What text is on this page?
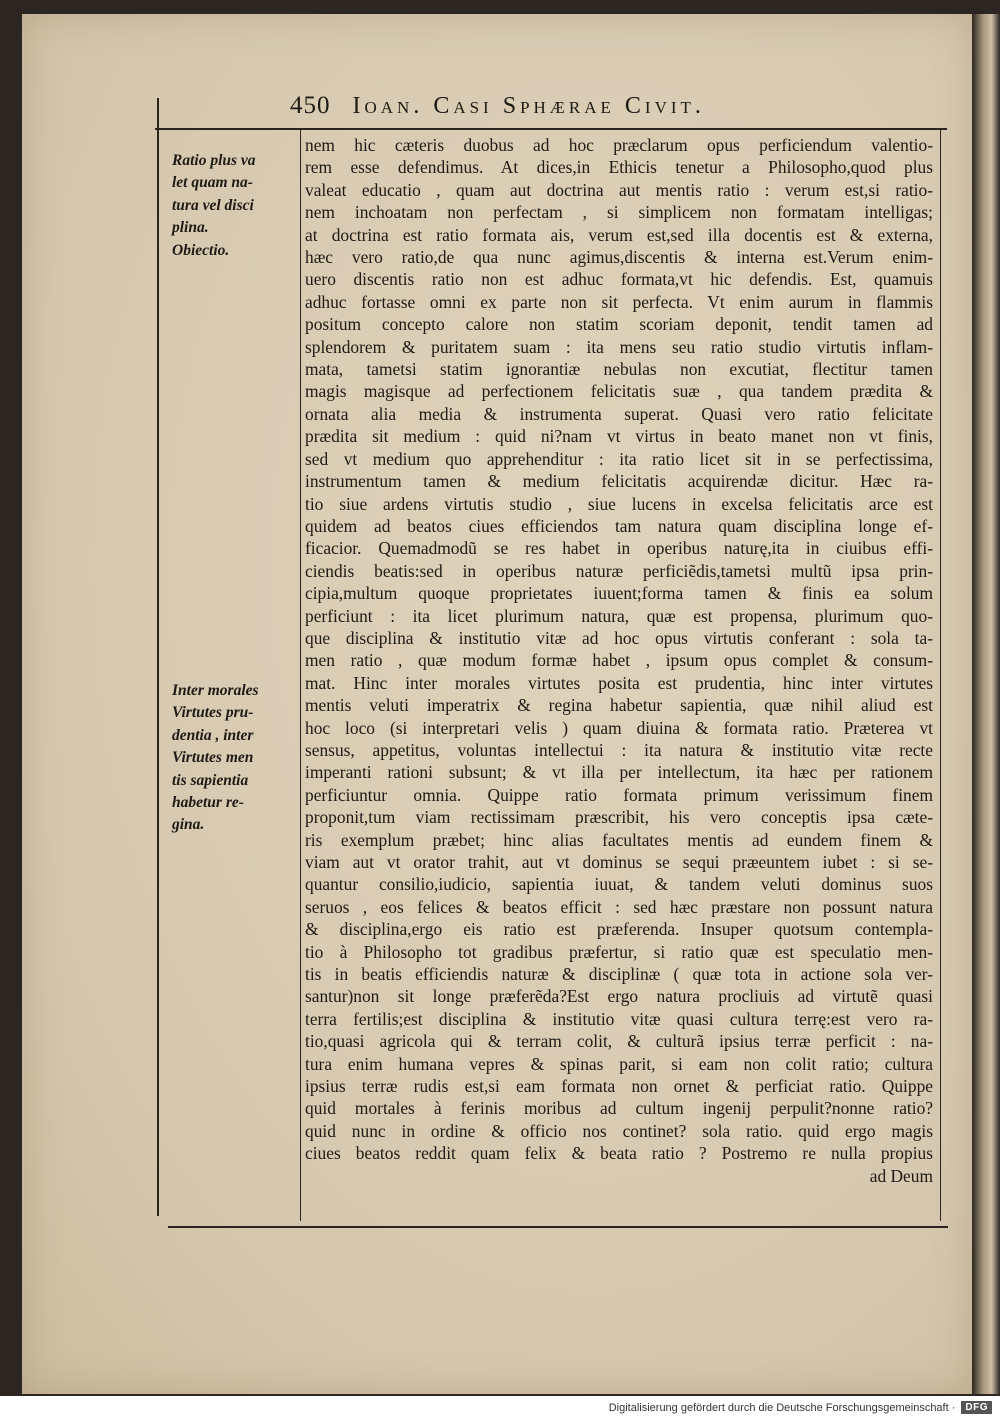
450 Ioan. Casi Sphærae Civit.
Ratio plus va
let quam na-
tura vel disci
plina.
Obiectio.
Inter morales
Virtutes pru-
dentia , inter
Virtutes men
tis sapientia
habetur re-
gina.
nem hic cæteris duobus ad hoc præclarum opus perficiendum valentio-
rem esse defendimus. At dices,in Ethicis tenetur a Philosopho,quod plus
valeat educatio , quam aut doctrina aut mentis ratio : verum est,si ratio-
nem inchoatam non perfectam , si simplicem non formatam intelligas;
at doctrina est ratio formata ais, verum est,sed illa docentis est & externa,
hæc vero ratio,de qua nunc agimus,discentis & interna est.Verum enim-
uero discentis ratio non est adhuc formata,vt hic defendis. Est, quamuis
adhuc fortasse omni ex parte non sit perfecta. Vt enim aurum in flammis
positum concepto calore non statim scoriam deponit, tendit tamen ad
splendorem & puritatem suam : ita mens seu ratio studio virtutis inflam-
mata, tametsi statim ignorantiæ nebulas non excutiat, flectitur tamen
magis magisque ad perfectionem felicitatis suæ , qua tandem prædita &
ornata alia media & instrumenta superat. Quasi vero ratio felicitate
prædita sit medium : quid ni?nam vt virtus in beato manet non vt finis,
sed vt medium quo apprehenditur : ita ratio licet sit in se perfectissima,
instrumentum tamen & medium felicitatis acquirendæ dicitur. Hæc ra-
tio siue ardens virtutis studio , siue lucens in excelsa felicitatis arce est
quidem ad beatos ciues efficiendos tam natura quam disciplina longe ef-
ficacior. Quemadmodũ se res habet in operibus naturę,ita in ciuibus effi-
ciendis beatis:sed in operibus naturæ perficiẽdis,tametsi multũ ipsa prin-
cipia,multum quoque proprietates iuuent;forma tamen & finis ea solum
perficiunt : ita licet plurimum natura, quæ est propensa, plurimum quo-
que disciplina & institutio vitæ ad hoc opus virtutis conferant : sola ta-
men ratio , quæ modum formæ habet , ipsum opus complet & consum-
mat. Hinc inter morales virtutes posita est prudentia, hinc inter virtutes
mentis veluti imperatrix & regina habetur sapientia, quæ nihil aliud est
hoc loco (si interpretari velis ) quam diuina & formata ratio. Præterea vt
sensus, appetitus, voluntas intellectui : ita natura & institutio vitæ recte
imperanti rationi subsunt; & vt illa per intellectum, ita hæc per rationem
perficiuntur omnia. Quippe ratio formata primum verissimum finem
proponit,tum viam rectissimam præscribit, his vero conceptis ipsa cæte-
ris exemplum præbet; hinc alias facultates mentis ad eundem finem &
viam aut vt orator trahit, aut vt dominus se sequi præeuntem iubet : si se-
quantur consilio,iudicio, sapientia iuuat, & tandem veluti dominus suos
seruos , eos felices & beatos efficit : sed hæc præstare non possunt natura
& disciplina,ergo eis ratio est præferenda. Insuper quotsum contempla-
tio à Philosopho tot gradibus præfertur, si ratio quæ est speculatio men-
tis in beatis efficiendis naturæ & disciplinæ ( quæ tota in actione sola ver-
santur)non sit longe præferẽda?Est ergo natura procliuis ad virtutẽ quasi
terra fertilis;est disciplina & institutio vitæ quasi cultura terrę:est vero ra-
tio,quasi agricola qui & terram colit, & culturã ipsius terræ perficit : na-
tura enim humana vepres & spinas parit, si eam non colit ratio; cultura
ipsius terræ rudis est,si eam formata non ornet & perficiat ratio. Quippe
quid mortales à ferinis moribus ad cultum ingenij perpulit?nonne ratio?
quid nunc in ordine & officio nos continet? sola ratio. quid ergo magis
ciues beatos reddit quam felix & beata ratio ? Postremo re nulla propius
ad Deum
Digitalisierung gefördert durch die Deutsche Forschungsgemeinschaft ·	DFG
